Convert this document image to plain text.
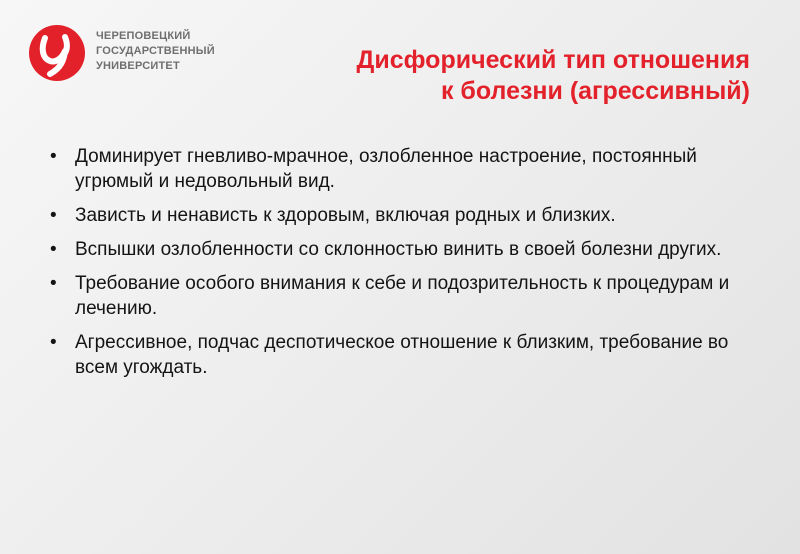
ЧЕРЕПОВЕЦКИЙ
ГОСУДАРСТВЕННЫЙ
УНИВЕРСИТЕТ	Дисфорический тип отношения
к болезни (агрессивный)
• Доминирует гневливо-мрачное, озлобленное настроение, постоянный угрюмый и недовольный вид.
• Зависть и ненависть к здоровым, включая родных и близких.
• Вспышки озлобленности со склонностью винить в своей болезни других.
• Требование особого внимания к себе и подозрительность к процедурам и лечению.
• Агрессивное, подчас деспотическое отношение к близким, требование во всем угождать.
